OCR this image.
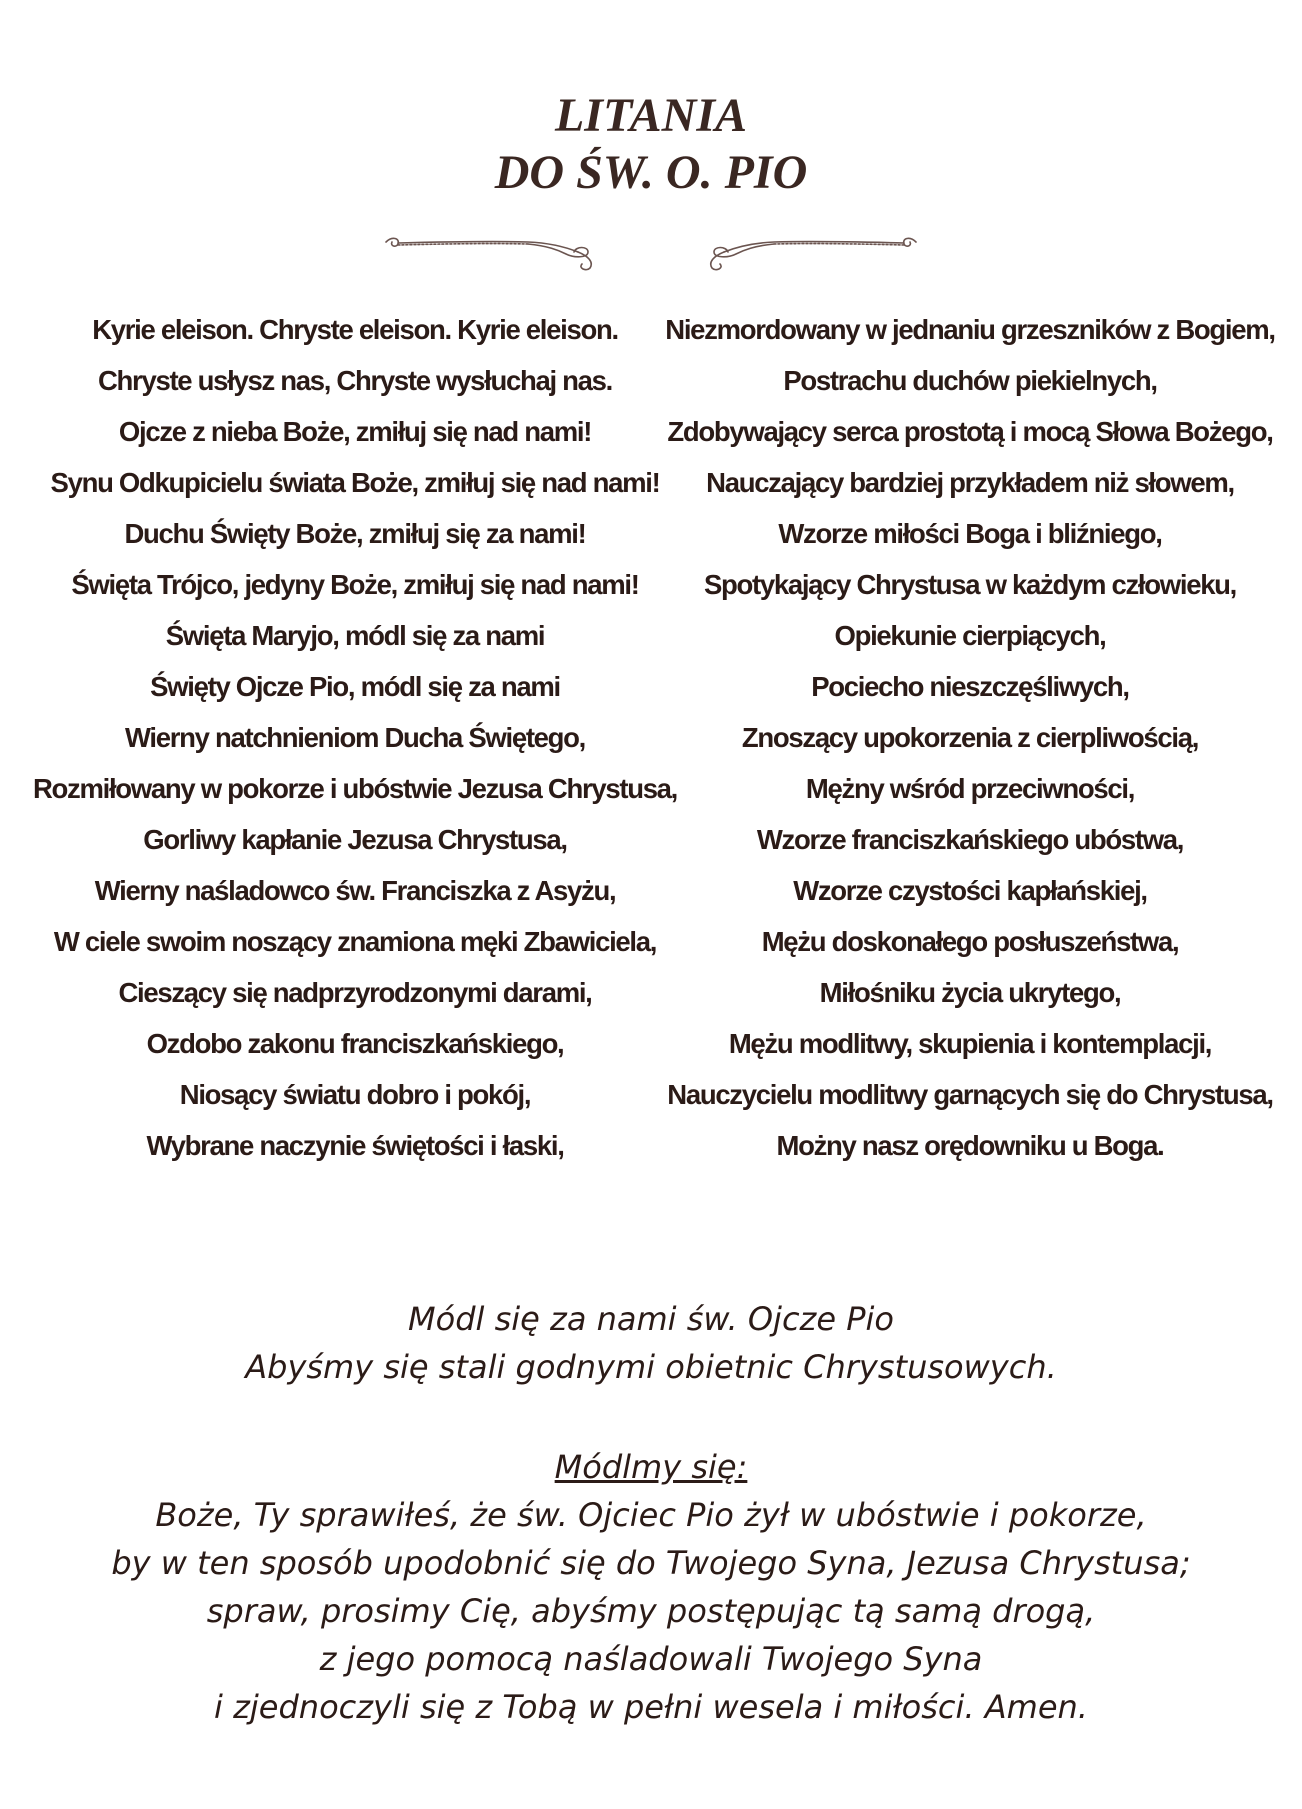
LITANIA
DO ŚW. O. PIO
Kyrie eleison. Chryste eleison. Kyrie eleison.
Chryste usłysz nas, Chryste wysłuchaj nas.
Ojcze z nieba Boże, zmiłuj się nad nami!
Synu Odkupicielu świata Boże, zmiłuj się nad nami!
Duchu Święty Boże, zmiłuj się za nami!
Święta Trójco, jedyny Boże, zmiłuj się nad nami!
Święta Maryjo, módl się za nami
Święty Ojcze Pio, módl się za nami
Wierny natchnieniom Ducha Świętego,
Rozmiłowany w pokorze i ubóstwie Jezusa Chrystusa,
Gorliwy kapłanie Jezusa Chrystusa,
Wierny naśladowco św. Franciszka z Asyżu,
W ciele swoim noszący znamiona męki Zbawiciela,
Cieszący się nadprzyrodzonymi darami,
Ozdobo zakonu franciszkańskiego,
Niosący światu dobro i pokój,
Wybrane naczynie świętości i łaski,
Niezmordowany w jednaniu grzeszników z Bogiem,
Postrachu duchów piekielnych,
Zdobywający serca prostotą i mocą Słowa Bożego,
Nauczający bardziej przykładem niż słowem,
Wzorze miłości Boga i bliźniego,
Spotykający Chrystusa w każdym człowieku,
Opiekunie cierpiących,
Pociecho nieszczęśliwych,
Znoszący upokorzenia z cierpliwością,
Mężny wśród przeciwności,
Wzorze franciszkańskiego ubóstwa,
Wzorze czystości kapłańskiej,
Mężu doskonałego posłuszeństwa,
Miłośniku życia ukrytego,
Mężu modlitwy, skupienia i kontemplacji,
Nauczycielu modlitwy garnących się do Chrystusa,
Możny nasz orędowniku u Boga.
Módl się za nami św. Ojcze Pio
Abyśmy się stali godnymi obietnic Chrystusowych.
Módlmy się:
Boże, Ty sprawiłeś, że św. Ojciec Pio żył w ubóstwie i pokorze,
by w ten sposób upodobnić się do Twojego Syna, Jezusa Chrystusa;
spraw, prosimy Cię, abyśmy postępując tą samą drogą,
z jego pomocą naśladowali Twojego Syna
i zjednoczyli się z Tobą w pełni wesela i miłości. Amen.
